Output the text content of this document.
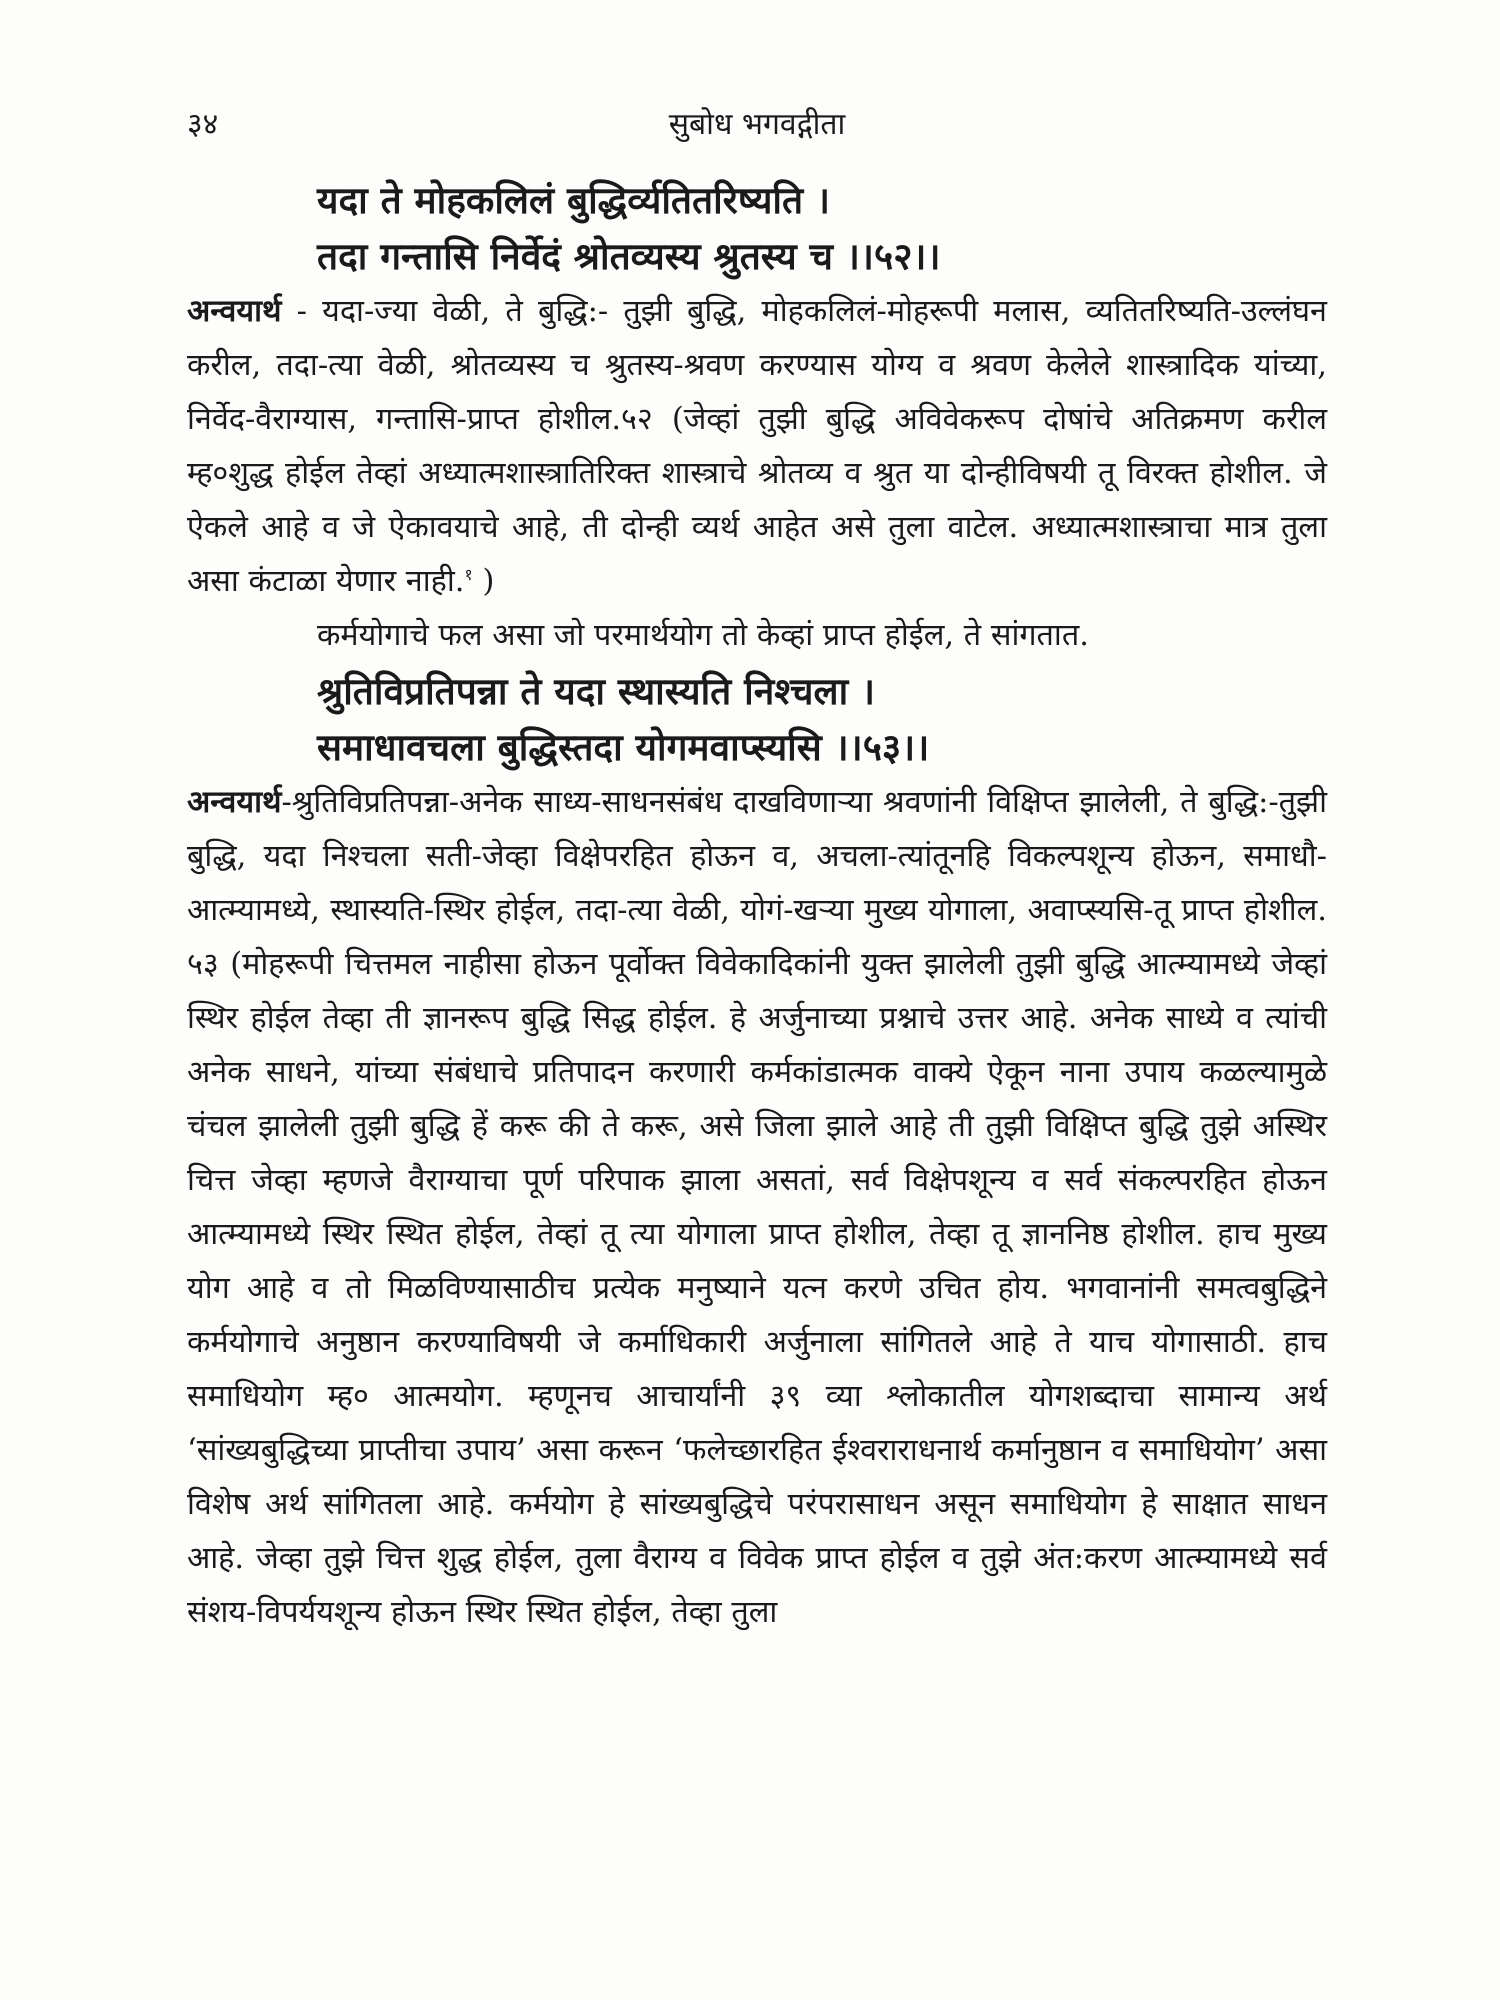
३४	सुबोध भगवद्गीता
यदा ते मोहकलिलं बुद्धिर्व्यतितरिष्यति ।
तदा गन्तासि निर्वेदं श्रोतव्यस्य श्रुतस्य च ।।५२।।

अन्वयार्थ - यदा-ज्या वेळी, ते बुद्धि:- तुझी बुद्धि, मोहकलिलं-मोहरूपी मलास, व्यतितरिष्यति-उल्लंघन करील, तदा-त्या वेळी, श्रोतव्यस्य च श्रुतस्य-श्रवण करण्यास योग्य व श्रवण केलेले शास्त्रादिक यांच्या, निर्वेद-वैराग्यास, गन्तासि-प्राप्त होशील.५२ (जेव्हां तुझी बुद्धि अविवेकरूप दोषांचे अतिक्रमण करील म्ह०शुद्ध होईल तेव्हां अध्यात्मशास्त्रातिरिक्त शास्त्राचे श्रोतव्य व श्रुत या दोन्हीविषयी तू विरक्त होशील. जे ऐकले आहे व जे ऐकावयाचे आहे, ती दोन्ही व्यर्थ आहेत असे तुला वाटेल. अध्यात्मशास्त्राचा मात्र तुला असा कंटाळा येणार नाही.$^१$ )

कर्मयोगाचे फल असा जो परमार्थयोग तो केव्हां प्राप्त होईल, ते सांगतात.
श्रुतिविप्रतिपन्ना ते यदा स्थास्यति निश्चला ।
समाधावचला बुद्धिस्तदा योगमवाप्स्यसि ।।५३।।

अन्वयार्थ-श्रुतिविप्रतिपन्ना-अनेक साध्य-साधनसंबंध दाखविणाऱ्या श्रवणांनी विक्षिप्त झालेली, ते बुद्धि:-तुझी बुद्धि, यदा निश्चला सती-जेव्हा विक्षेपरहित होऊन व, अचला-त्यांतूनहि विकल्पशून्य होऊन, समाधौ-आत्म्यामध्ये, स्थास्यति-स्थिर होईल, तदा-त्या वेळी, योगं-खऱ्या मुख्य योगाला, अवाप्स्यसि-तू प्राप्त होशील. ५३ (मोहरूपी चित्तमल नाहीसा होऊन पूर्वोक्त विवेकादिकांनी युक्त झालेली तुझी बुद्धि आत्म्यामध्ये जेव्हां स्थिर होईल तेव्हा ती ज्ञानरूप बुद्धि सिद्ध होईल. हे अर्जुनाच्या प्रश्नाचे उत्तर आहे. अनेक साध्ये व त्यांची अनेक साधने, यांच्या संबंधाचे प्रतिपादन करणारी कर्मकांडात्मक वाक्ये ऐकून नाना उपाय कळल्यामुळे चंचल झालेली तुझी बुद्धि हें करू की ते करू, असे जिला झाले आहे ती तुझी विक्षिप्त बुद्धि तुझे अस्थिर चित्त जेव्हा म्हणजे वैराग्याचा पूर्ण परिपाक झाला असतां, सर्व विक्षेपशून्य व सर्व संकल्परहित होऊन आत्म्यामध्ये स्थिर स्थित होईल, तेव्हां तू त्या योगाला प्राप्त होशील, तेव्हा तू ज्ञाननिष्ठ होशील. हाच मुख्य योग आहे व तो मिळविण्यासाठीच प्रत्येक मनुष्याने यत्न करणे उचित होय. भगवानांनी समत्वबुद्धिने कर्मयोगाचे अनुष्ठान करण्याविषयी जे कर्माधिकारी अर्जुनाला सांगितले आहे ते याच योगासाठी. हाच समाधियोग म्ह० आत्मयोग. म्हणूनच आचार्यांनी ३९ व्या श्लोकातील योगशब्दाचा सामान्य अर्थ ‘सांख्यबुद्धिच्या प्राप्तीचा उपाय’ असा करून ‘फलेच्छारहित ईश्वराराधनार्थ कर्मानुष्ठान व समाधियोग’ असा विशेष अर्थ सांगितला आहे. कर्मयोग हे सांख्यबुद्धिचे परंपरासाधन असून समाधियोग हे साक्षात साधन आहे. जेव्हा तुझे चित्त शुद्ध होईल, तुला वैराग्य व विवेक प्राप्त होईल व तुझे अंत:करण आत्म्यामध्ये सर्व संशय-विपर्ययशून्य होऊन स्थिर स्थित होईल, तेव्हा तुला
